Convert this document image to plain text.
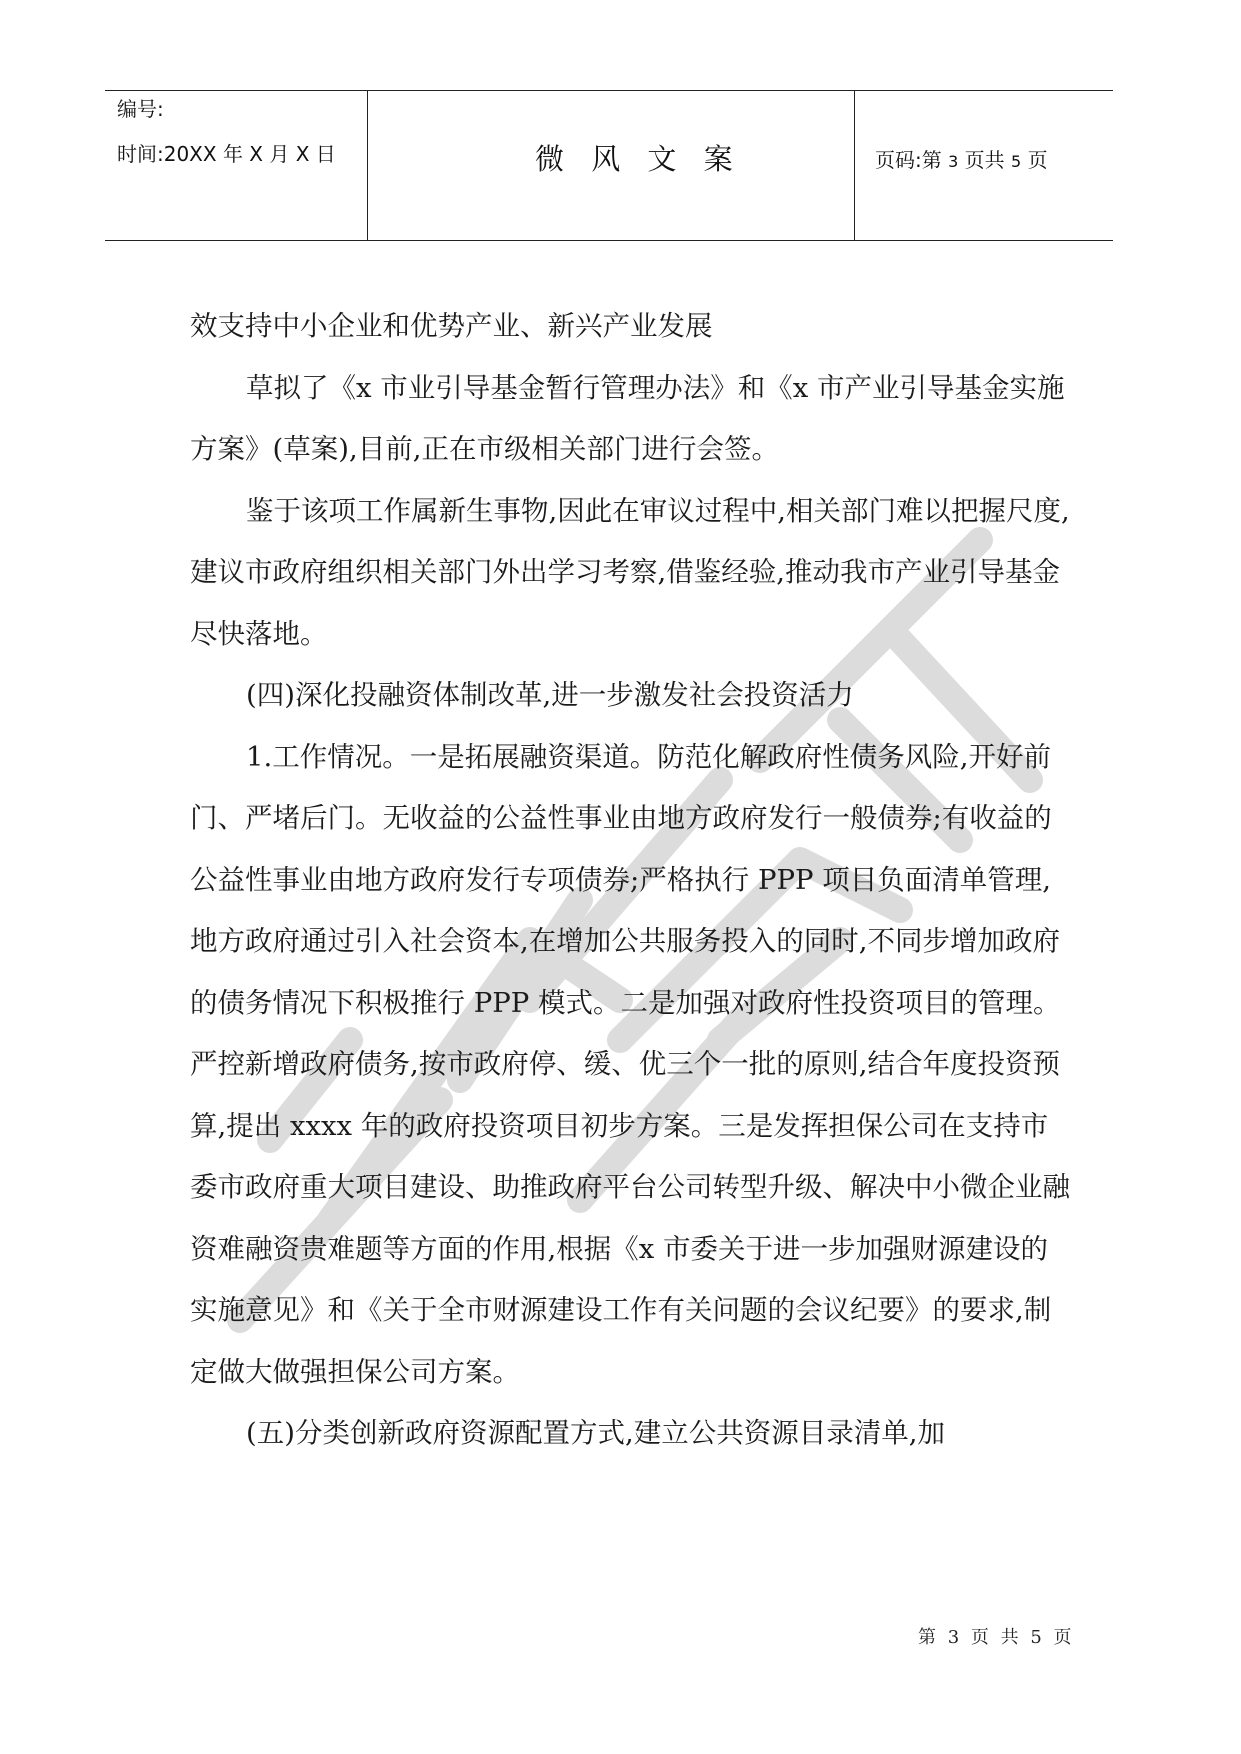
编号:
时间:20XX 年 X 月 X 日	微 风 文 案	页码:第 3 页共 5 页

效支持中小企业和优势产业、新兴产业发展

草拟了《x 市业引导基金暂行管理办法》和《x 市产业引导基金实施方案》(草案),目前,正在市级相关部门进行会签。

鉴于该项工作属新生事物,因此在审议过程中,相关部门难以把握尺度,建议市政府组织相关部门外出学习考察,借鉴经验,推动我市产业引导基金尽快落地。

(四)深化投融资体制改革,进一步激发社会投资活力

1.工作情况。一是拓展融资渠道。防范化解政府性债务风险,开好前门、严堵后门。无收益的公益性事业由地方政府发行一般债券;有收益的公益性事业由地方政府发行专项债券;严格执行 PPP 项目负面清单管理,地方政府通过引入社会资本,在增加公共服务投入的同时,不同步增加政府的债务情况下积极推行 PPP 模式。二是加强对政府性投资项目的管理。严控新增政府债务,按市政府停、缓、优三个一批的原则,结合年度投资预算,提出 xxxx 年的政府投资项目初步方案。三是发挥担保公司在支持市委市政府重大项目建设、助推政府平台公司转型升级、解决中小微企业融资难融资贵难题等方面的作用,根据《x 市委关于进一步加强财源建设的实施意见》和《关于全市财源建设工作有关问题的会议纪要》的要求,制定做大做强担保公司方案。

(五)分类创新政府资源配置方式,建立公共资源目录清单,加

第 3 页 共 5 页
